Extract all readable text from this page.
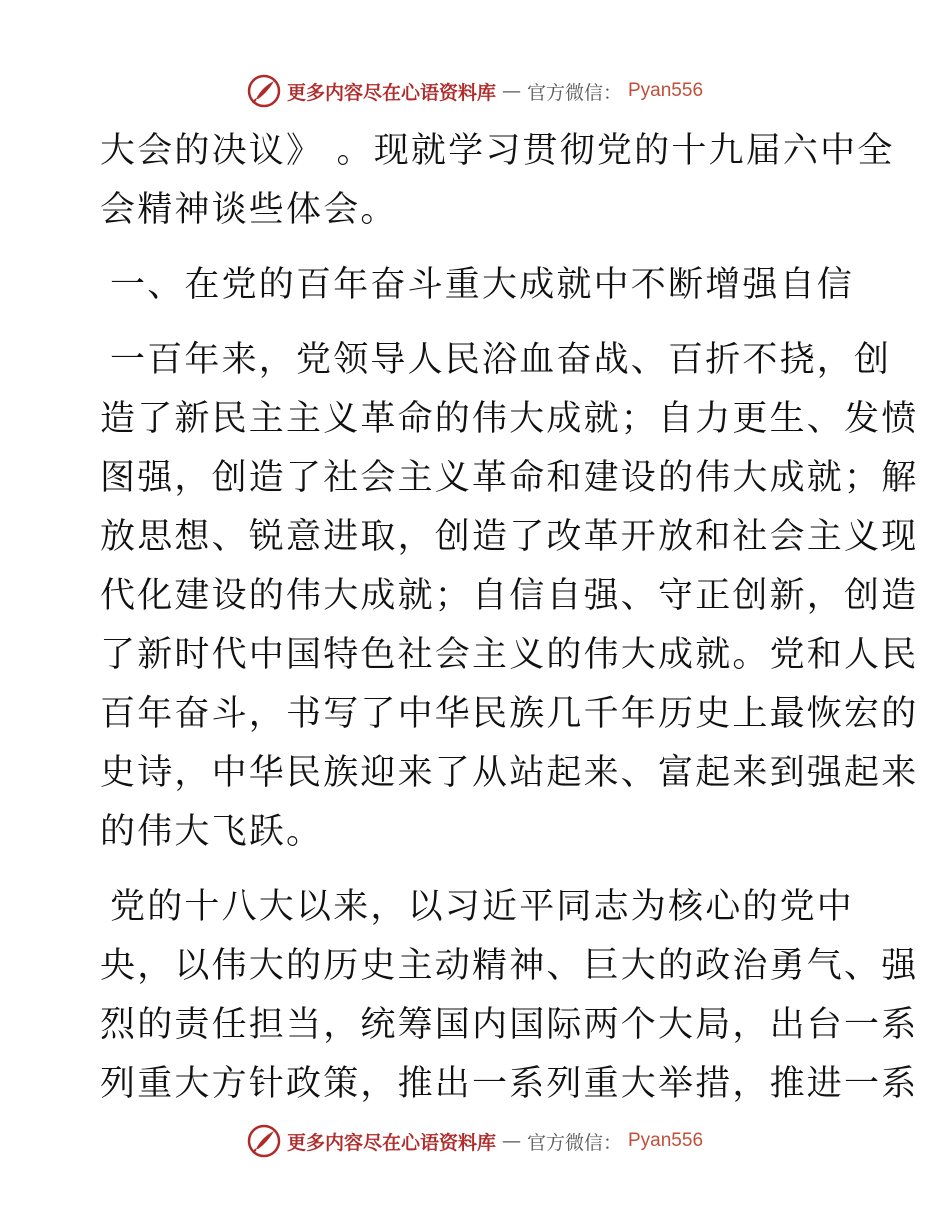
更多内容尽在心语资料库 — 官方微信： Pyan556
大会的决议》 。现就学习贯彻党的十九届六中全
会精神谈些体会。
一、在党的百年奋斗重大成就中不断增强自信
一百年来，党领导人民浴血奋战、百折不挠，创
造了新民主主义革命的伟大成就；自力更生、发愤
图强，创造了社会主义革命和建设的伟大成就；解
放思想、锐意进取，创造了改革开放和社会主义现
代化建设的伟大成就；自信自强、守正创新，创造
了新时代中国特色社会主义的伟大成就。党和人民
百年奋斗，书写了中华民族几千年历史上最恢宏的
史诗，中华民族迎来了从站起来、富起来到强起来
的伟大飞跃。
党的十八大以来，以习近平同志为核心的党中
央，以伟大的历史主动精神、巨大的政治勇气、强
烈的责任担当，统筹国内国际两个大局，出台一系
列重大方针政策，推出一系列重大举措，推进一系
更多内容尽在心语资料库 — 官方微信： Pyan556
